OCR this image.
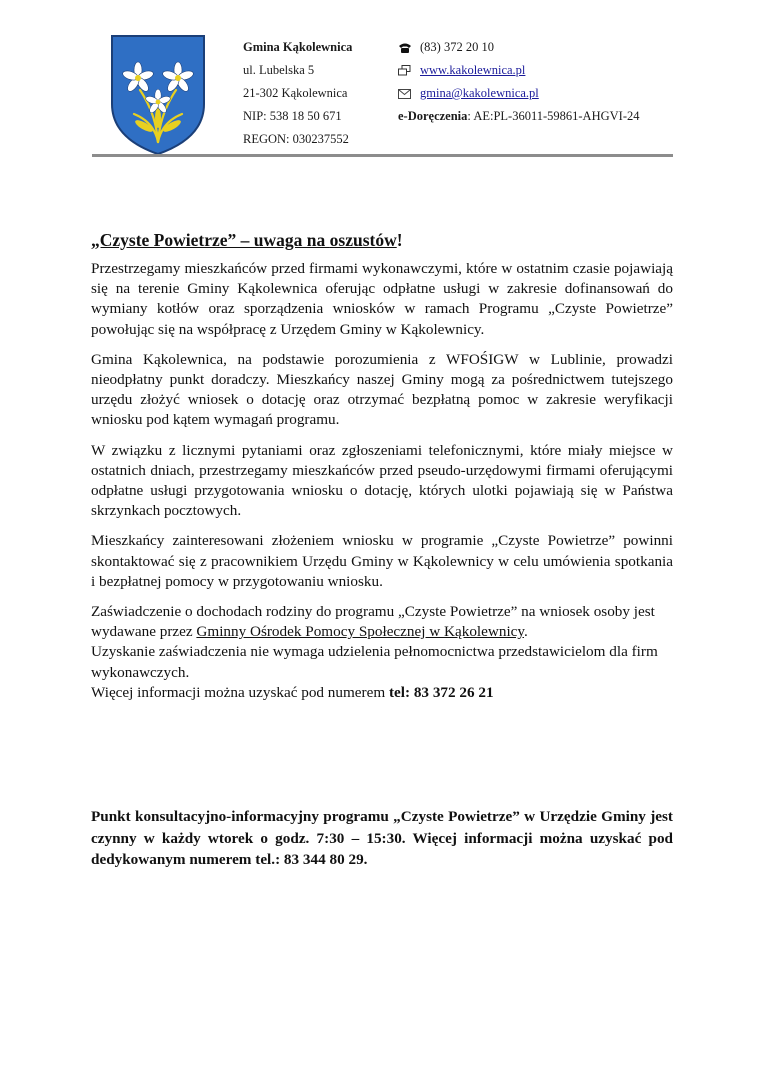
Gmina Kąkolewnica
ul. Lubelska 5
21-302 Kąkolewnica
NIP: 538 18 50 671
REGON: 030237552
(83) 372 20 10
www.kakolewnica.pl
gmina@kakolewnica.pl
e-Doręczenia : AE:PL-36011-59861-AHGVI-24
„Czyste Powietrze” – uwaga na oszustów!

Przestrzegamy mieszkańców przed firmami wykonawczymi, które w ostatnim czasie pojawiają się na terenie Gminy Kąkolewnica oferując odpłatne usługi w zakresie dofinansowań do wymiany kotłów oraz sporządzenia wniosków w ramach Programu „Czyste Powietrze” powołując się na współpracę z Urzędem Gminy w Kąkolewnicy.

Gmina Kąkolewnica, na podstawie porozumienia z WFOŚIGW w Lublinie, prowadzi nieodpłatny punkt doradczy. Mieszkańcy naszej Gminy mogą za pośrednictwem tutejszego urzędu złożyć wniosek o dotację oraz otrzymać bezpłatną pomoc w zakresie weryfikacji wniosku pod kątem wymagań programu.

W związku z licznymi pytaniami oraz zgłoszeniami telefonicznymi, które miały miejsce w ostatnich dniach, przestrzegamy mieszkańców przed pseudo-urzędowymi firmami oferującymi odpłatne usługi przygotowania wniosku o dotację, których ulotki pojawiają się w Państwa skrzynkach pocztowych.

Mieszkańcy zainteresowani złożeniem wniosku w programie „Czyste Powietrze” powinni skontaktować się z pracownikiem Urzędu Gminy w Kąkolewnicy w celu umówienia spotkania i bezpłatnej pomocy w przygotowaniu wniosku.

Zaświadczenie o dochodach rodziny do programu „Czyste Powietrze” na wniosek osoby jest wydawane przez Gminny Ośrodek Pomocy Społecznej w Kąkolewnicy.

Uzyskanie zaświadczenia nie wymaga udzielenia pełnomocnictwa przedstawicielom dla firm wykonawczych.

Więcej informacji można uzyskać pod numerem tel: 83 372 26 21

Punkt konsultacyjno-informacyjny programu „Czyste Powietrze” w Urzędzie Gminy jest czynny w każdy wtorek o godz. 7:30 – 15:30. Więcej informacji można uzyskać pod dedykowanym numerem tel.: 83 344 80 29.
